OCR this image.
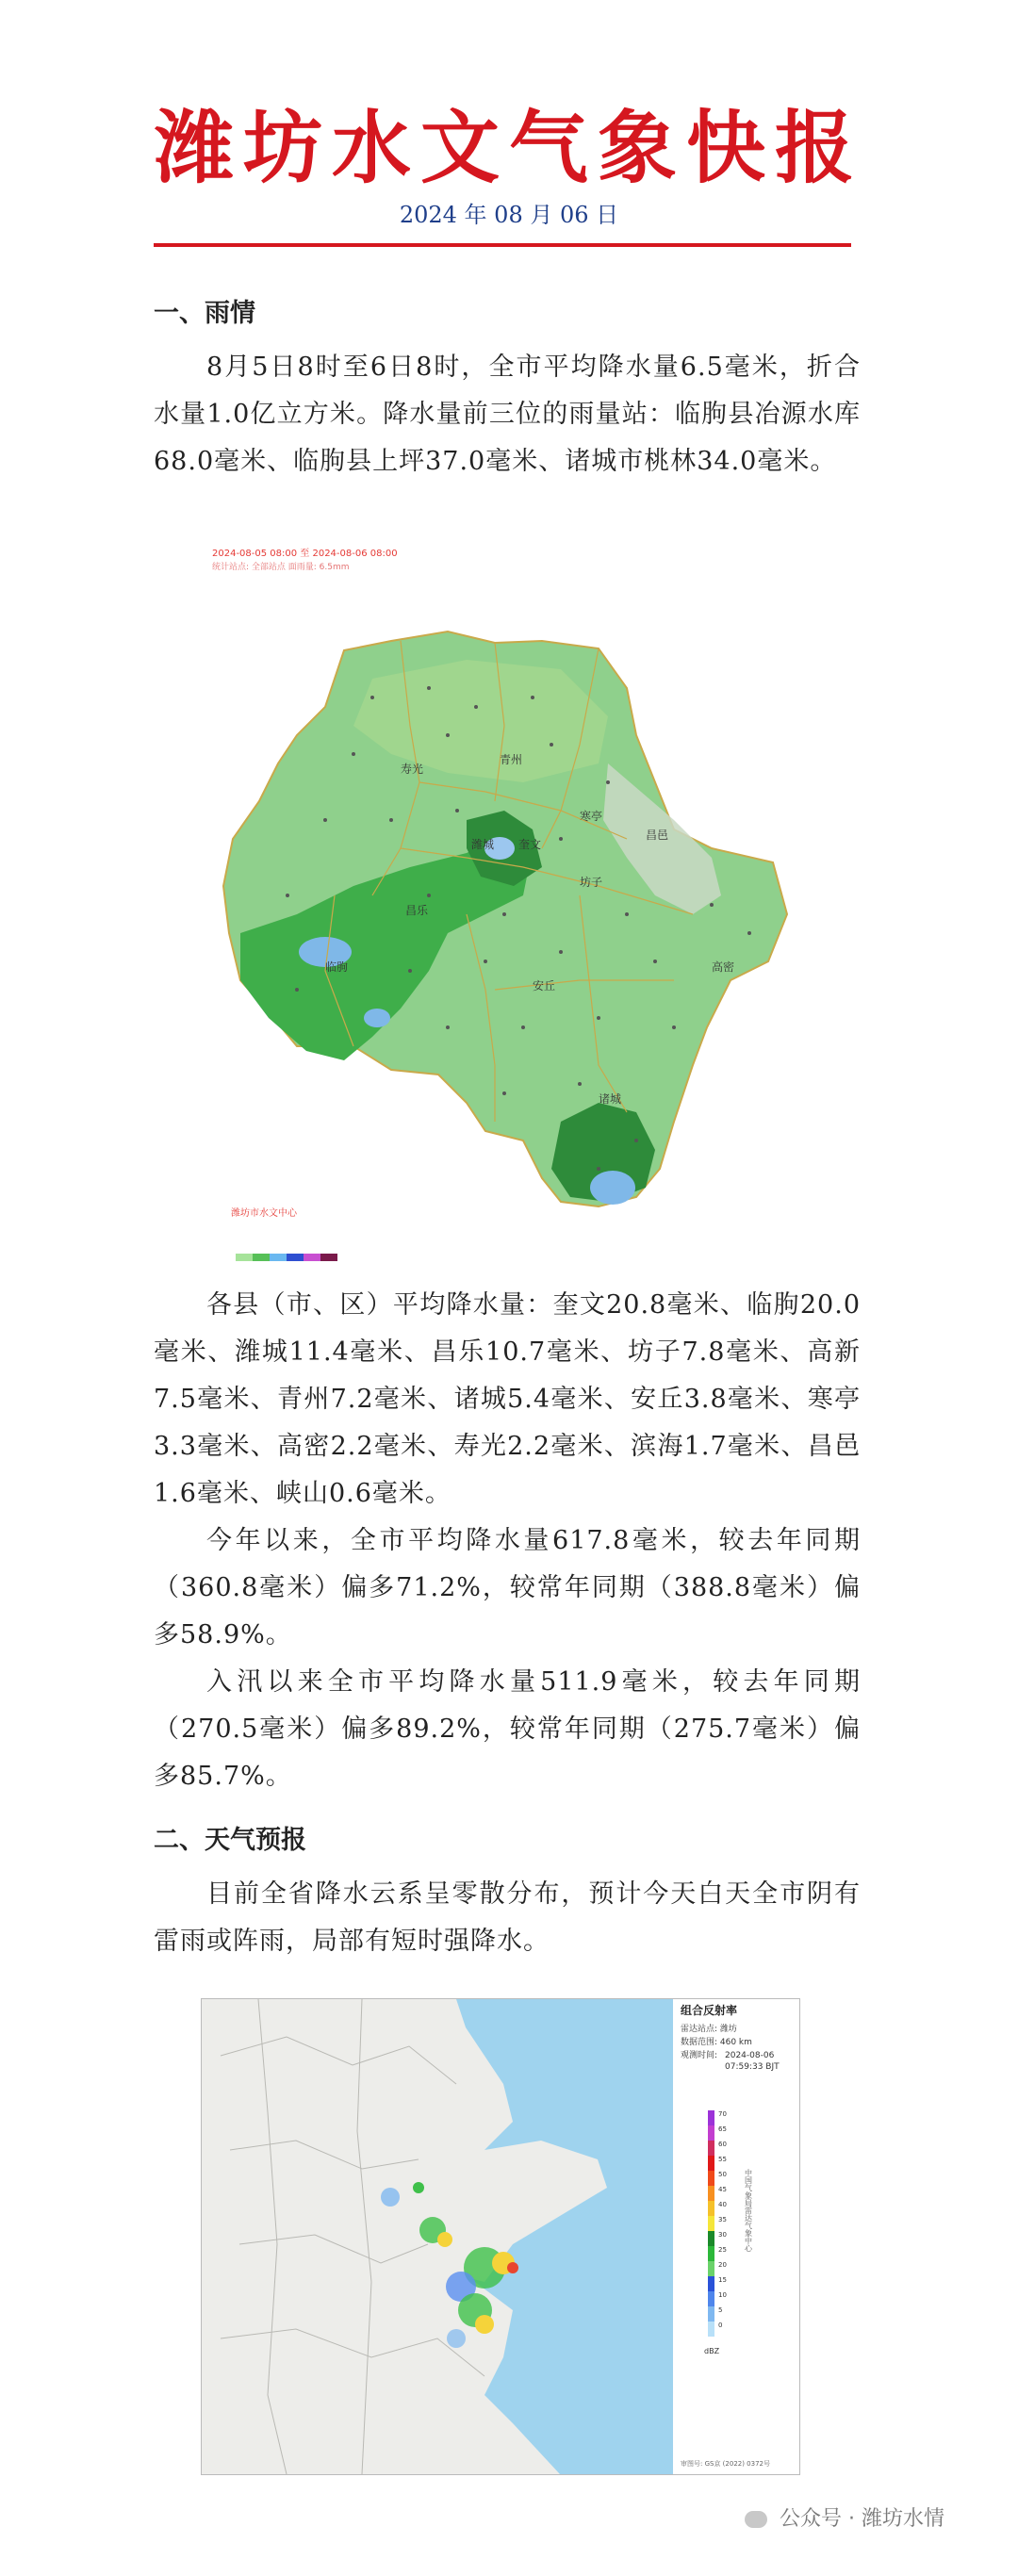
潍坊水文气象快报
2024 年 08 月 06 日
一、雨情

8月5日8时至6日8时，全市平均降水量6.5毫米，折合水量1.0亿立方米。降水量前三位的雨量站：临朐县冶源水库68.0毫米、临朐县上坪37.0毫米、诸城市桃林34.0毫米。

2024-08-05 08:00 至 2024-08-06 08:00
统计站点: 全部站点 面雨量: 6.5mm
寿光
青州
昌乐
潍城
坊子
寒亭
高密
安丘
临朐
诸城
昌邑
奎文
潍坊市水文中心

各县（市、区）平均降水量：奎文20.8毫米、临朐20.0毫米、潍城11.4毫米、昌乐10.7毫米、坊子7.8毫米、高新7.5毫米、青州7.2毫米、诸城5.4毫米、安丘3.8毫米、寒亭3.3毫米、高密2.2毫米、寿光2.2毫米、滨海1.7毫米、昌邑1.6毫米、峡山0.6毫米。

今年以来，全市平均降水量617.8毫米，较去年同期（360.8毫米）偏多71.2%，较常年同期（388.8毫米）偏多58.9%。

入汛以来全市平均降水量511.9毫米，较去年同期（270.5毫米）偏多89.2%，较常年同期（275.7毫米）偏多85.7%。

二、天气预报

目前全省降水云系呈零散分布，预计今天白天全市阴有雷雨或阵雨，局部有短时强降水。

组合反射率
雷达站点: 潍坊
数据范围: 460 km
观测时间: 2024-08-06
07:59:33 BJT
70
65
60
55
50
45
40
35
30
25
20
15
10
5
0
dBZ
中国气象局雷达气象中心
审图号: GS京 (2022) 0372号
公众号 · 潍坊水情
